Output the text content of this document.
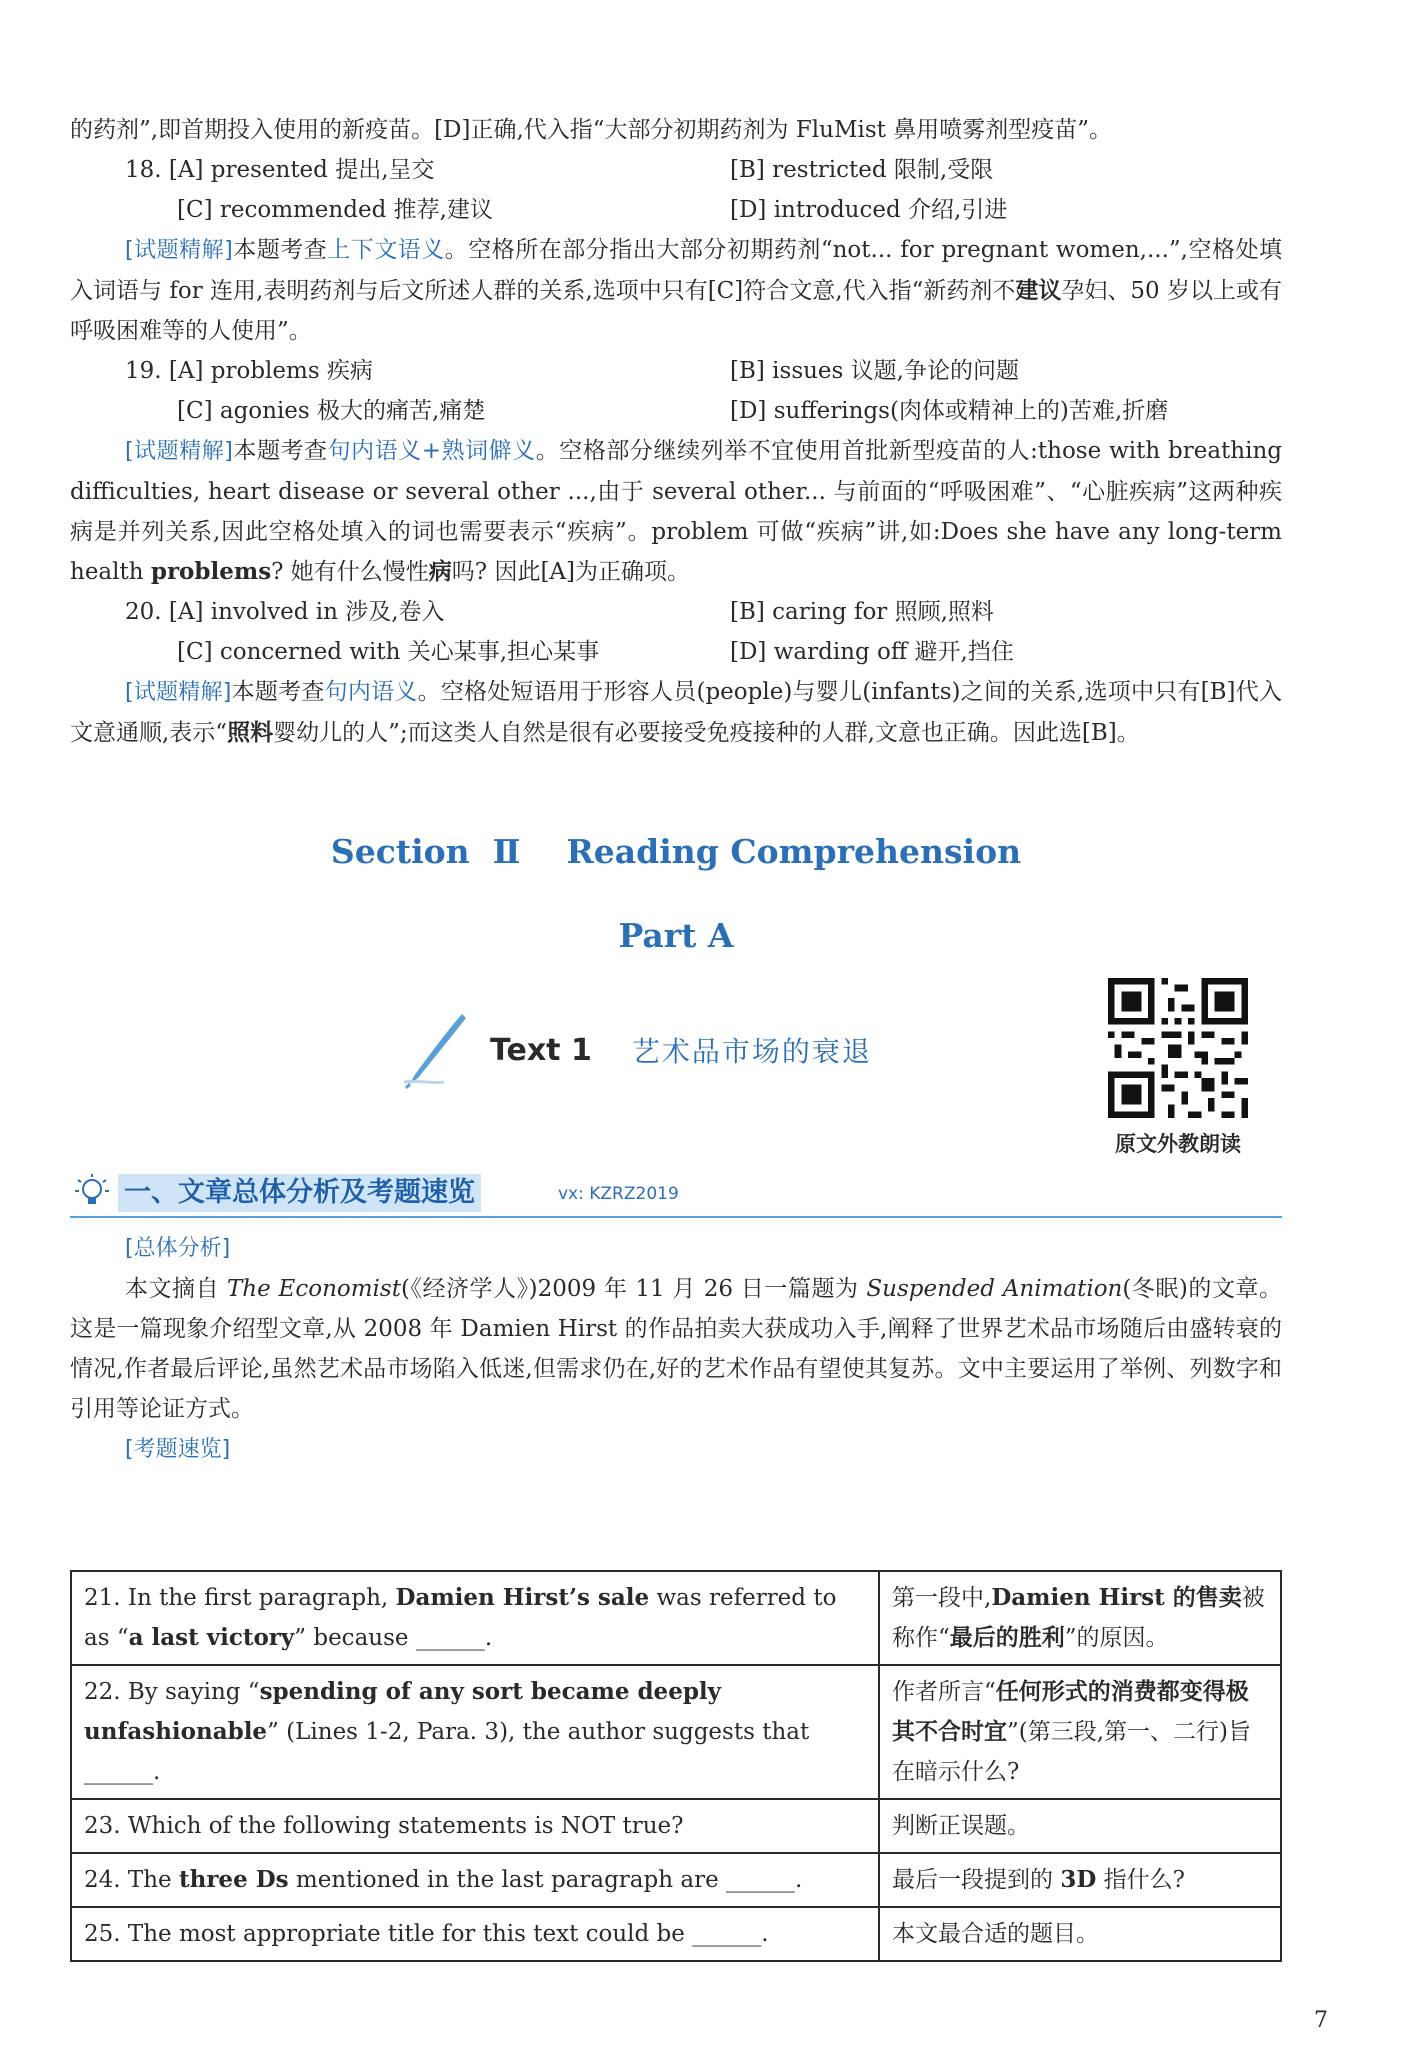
的药剂”,即首期投入使用的新疫苗。[D]正确,代入指“大部分初期药剂为 FluMist 鼻用喷雾剂型疫苗”。

18. [A] presented 提出,呈交	[B] restricted 限制,受限
[C] recommended 推荐,建议	[D] introduced 介绍,引进

[试题精解]本题考查上下文语义。空格所在部分指出大部分初期药剂“not... for pregnant women,...”,空格处填入词语与 for 连用,表明药剂与后文所述人群的关系,选项中只有[C]符合文意,代入指“新药剂不建议孕妇、50 岁以上或有呼吸困难等的人使用”。

19. [A] problems 疾病	[B] issues 议题,争论的问题
[C] agonies 极大的痛苦,痛楚	[D] sufferings(肉体或精神上的)苦难,折磨

[试题精解]本题考查句内语义+熟词僻义。空格部分继续列举不宜使用首批新型疫苗的人:those with breathing difficulties, heart disease or several other ...,由于 several other... 与前面的“呼吸困难”、“心脏疾病”这两种疾病是并列关系,因此空格处填入的词也需要表示“疾病”。problem 可做“疾病”讲,如:Does she have any long-term health problems? 她有什么慢性病吗? 因此[A]为正确项。

20. [A] involved in 涉及,卷入	[B] caring for 照顾,照料
[C] concerned with 关心某事,担心某事	[D] warding off 避开,挡住

[试题精解]本题考查句内语义。空格处短语用于形容人员(people)与婴儿(infants)之间的关系,选项中只有[B]代入文意通顺,表示“照料婴幼儿的人”;而这类人自然是很有必要接受免疫接种的人群,文意也正确。因此选[B]。

Section Ⅱ Reading Comprehension
Part A
Text 1 艺术品市场的衰退
原文外教朗读
一、文章总体分析及考题速览	vx: KZRZ2019

[总体分析]

本文摘自 The Economist(《经济学人》)2009 年 11 月 26 日一篇题为 Suspended Animation(冬眠)的文章。这是一篇现象介绍型文章,从 2008 年 Damien Hirst 的作品拍卖大获成功入手,阐释了世界艺术品市场随后由盛转衰的情况,作者最后评论,虽然艺术品市场陷入低迷,但需求仍在,好的艺术作品有望使其复苏。文中主要运用了举例、列数字和引用等论证方式。

[考题速览]

21. In the first paragraph, Damien Hirst’s sale was referred to as “a last victory” because ______.	第一段中,Damien Hirst 的售卖被称作“最后的胜利”的原因。
22. By saying “spending of any sort became deeply unfashionable” (Lines 1-2, Para. 3), the author suggests that ______.	作者所言“任何形式的消费都变得极其不合时宜”(第三段,第一、二行)旨在暗示什么?
23. Which of the following statements is NOT true?	判断正误题。
24. The three Ds mentioned in the last paragraph are ______.	最后一段提到的 3D 指什么?
25. The most appropriate title for this text could be ______.	本文最合适的题目。
7
